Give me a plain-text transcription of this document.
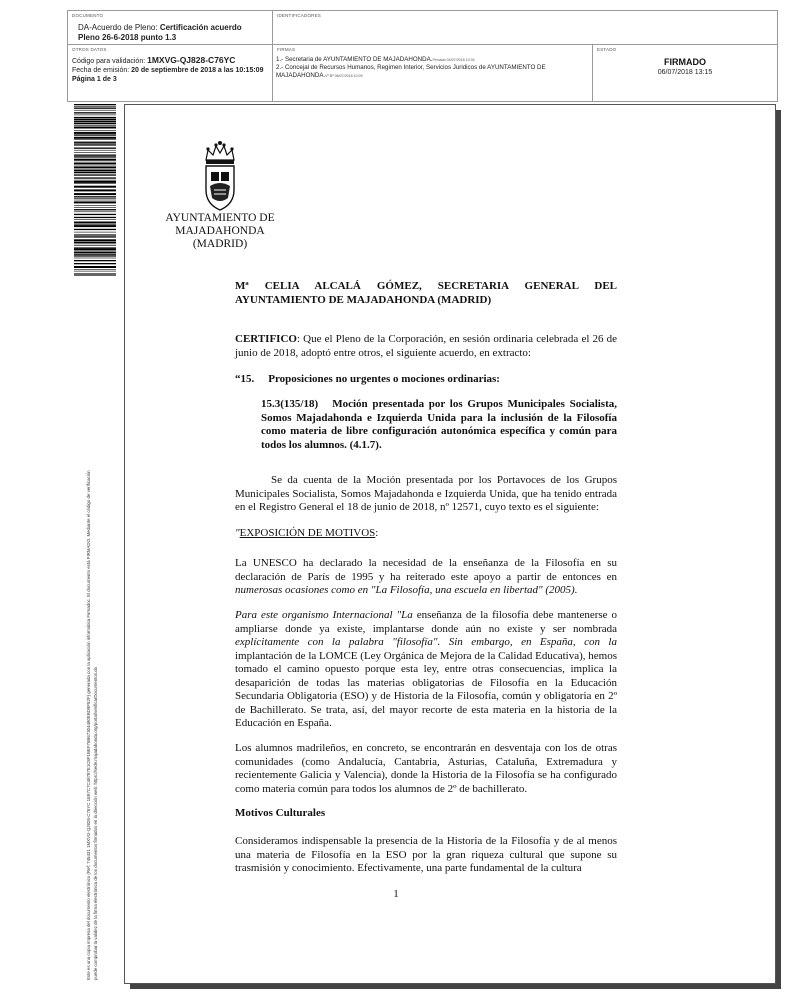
DOCUMENTO
DA-Acuerdo de Pleno: Certificación acuerdo
Pleno 26-6-2018 punto 1.3
IDENTIFICADORES
OTROS DATOS
Código para validación: 1MXVG-QJ828-C76YC
Fecha de emisión: 20 de septiembre de 2018 a las 10:15:09
Página 1 de 3
FIRMAS
1.- Secretaria de AYUNTAMIENTO DE MAJADAHONDA.Firmado 04/07/2018 13:34
2.- Concejal de Recursos Humanos, Regimen Interior, Servicios Juridicos de AYUNTAMIENTO DE MAJADAHONDA.Vº Bº 06/07/2018 10:09
ESTADO
FIRMADO
06/07/2018 13:15
Este es una copia impresa del documento electrónico (Ref: 745431 1MXVG-QJ828-C76YC 1E87C7C48787E1C8F1BEF76B67304480EBD9F52F) generada con la aplicación informática Firmadoc. El documento está FIRMADO. Mediante el código de verificación puede comprobar la validez de la firma electrónica de los documentos firmados en la dirección web: https://sede.majadahonda.org/portal/verificarDocumentos.do
AYUNTAMIENTO DE
MAJADAHONDA
(MADRID)
Mª CELIA ALCALÁ GÓMEZ, SECRETARIA GENERAL DEL
AYUNTAMIENTO DE MAJADAHONDA (MADRID)
CERTIFICO: Que el Pleno de la Corporación, en sesión ordinaria celebrada el 26 de junio de 2018, adoptó entre otros, el siguiente acuerdo, en extracto:
“15. Proposiciones no urgentes o mociones ordinarias:
15.3(135/18) Moción presentada por los Grupos Municipales Socialista, Somos Majadahonda e Izquierda Unida para la inclusión de la Filosofía como materia de libre configuración autonómica específica y común para todos los alumnos. (4.1.7).
Se da cuenta de la Moción presentada por los Portavoces de los Grupos Municipales Socialista, Somos Majadahonda e Izquierda Unida, que ha tenido entrada en el Registro General el 18 de junio de 2018, nº 12571, cuyo texto es el siguiente:
"EXPOSICIÓN DE MOTIVOS:
La UNESCO ha declarado la necesidad de la enseñanza de la Filosofía en su declaración de París de 1995 y ha reiterado este apoyo a partir de entonces en numerosas ocasiones como en "La Filosofía, una escuela en libertad" (2005).
Para este organismo Internacional "La enseñanza de la filosofía debe mantenerse o ampliarse donde ya existe, implantarse donde aún no existe y ser nombrada explícitamente con la palabra "filosofía". Sin embargo, en España, con la implantación de la LOMCE (Ley Orgánica de Mejora de la Calidad Educativa), hemos tomado el camino opuesto porque esta ley, entre otras consecuencias, implica la desaparición de todas las materias obligatorias de Filosofía en la Educación Secundaria Obligatoria (ESO) y de Historia de la Filosofía, común y obligatoria en 2º de Bachillerato. Se trata, así, del mayor recorte de esta materia en la historia de la Educación en España.
Los alumnos madrileños, en concreto, se encontrarán en desventaja con los de otras comunidades (como Andalucía, Cantabria, Asturias, Cataluña, Extremadura y recientemente Galicia y Valencia), donde la Historia de la Filosofía se ha configurado como materia común para todos los alumnos de 2º de bachillerato.
Motivos Culturales
Consideramos indispensable la presencia de la Historia de la Filosofía y de al menos una materia de Filosofía en la ESO por la gran riqueza cultural que supone su trasmisión y conocimiento. Efectivamente, una parte fundamental de la cultura
1
